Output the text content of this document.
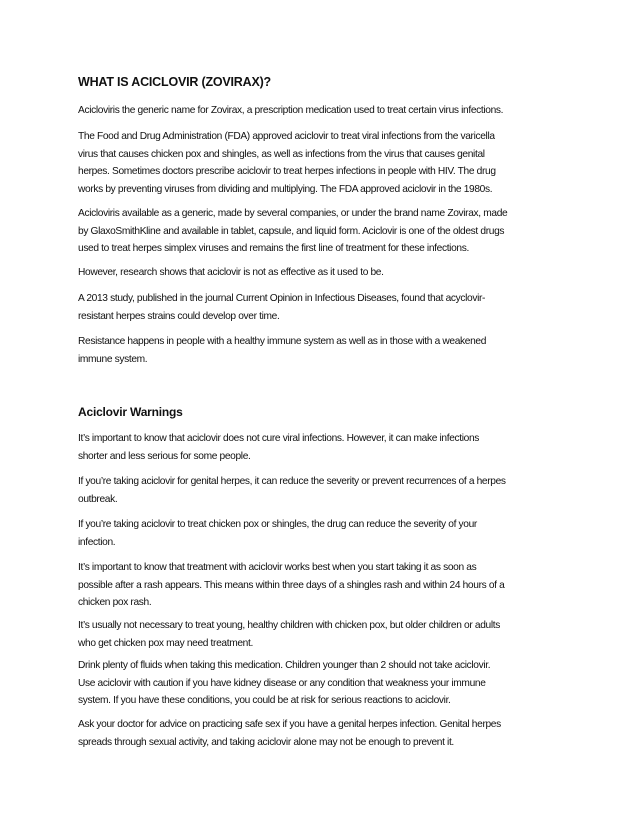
WHAT IS ACICLOVIR (ZOVIRAX)?
Acicloviris the generic name for Zovirax, a prescription medication used to treat certain virus infections.
The Food and Drug Administration (FDA) approved aciclovir to treat viral infections from the varicella
virus that causes chicken pox and shingles, as well as infections from the virus that causes genital
herpes. Sometimes doctors prescribe aciclovir to treat herpes infections in people with HIV. The drug
works by preventing viruses from dividing and multiplying. The FDA approved aciclovir in the 1980s.
Acicloviris available as a generic, made by several companies, or under the brand name Zovirax, made
by GlaxoSmithKline and available in tablet, capsule, and liquid form. Aciclovir is one of the oldest drugs
used to treat herpes simplex viruses and remains the first line of treatment for these infections.
However, research shows that aciclovir is not as effective as it used to be.
A 2013 study, published in the journal Current Opinion in Infectious Diseases, found that acyclovir-
resistant herpes strains could develop over time.
Resistance happens in people with a healthy immune system as well as in those with a weakened
immune system.
Aciclovir Warnings
It’s important to know that aciclovir does not cure viral infections. However, it can make infections
shorter and less serious for some people.
If you’re taking aciclovir for genital herpes, it can reduce the severity or prevent recurrences of a herpes
outbreak.
If you’re taking aciclovir to treat chicken pox or shingles, the drug can reduce the severity of your
infection.
It’s important to know that treatment with aciclovir works best when you start taking it as soon as
possible after a rash appears. This means within three days of a shingles rash and within 24 hours of a
chicken pox rash.
It’s usually not necessary to treat young, healthy children with chicken pox, but older children or adults
who get chicken pox may need treatment.
Drink plenty of fluids when taking this medication. Children younger than 2 should not take aciclovir.
Use aciclovir with caution if you have kidney disease or any condition that weakness your immune
system. If you have these conditions, you could be at risk for serious reactions to aciclovir.
Ask your doctor for advice on practicing safe sex if you have a genital herpes infection. Genital herpes
spreads through sexual activity, and taking aciclovir alone may not be enough to prevent it.
